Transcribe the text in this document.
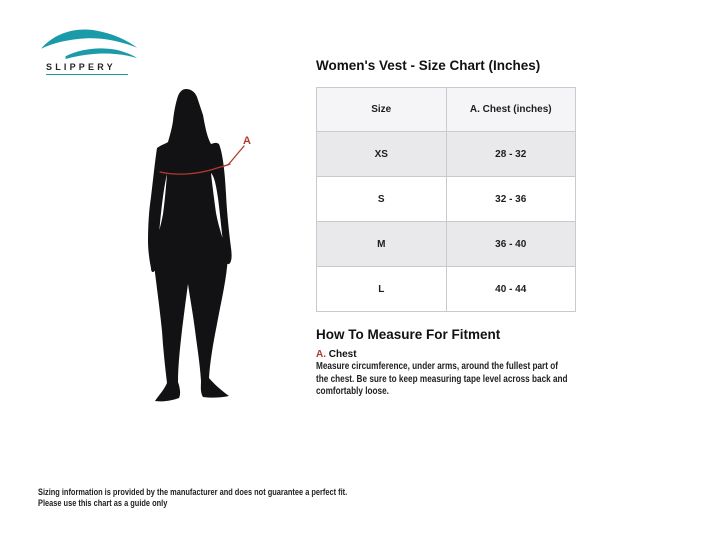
SLIPPERY
A
Women's Vest - Size Chart (Inches)
Size	A. Chest (inches)
XS	28 - 32
S	32 - 36
M	36 - 40
L	40 - 44
How To Measure For Fitment
A. Chest
Measure circumference, under arms, around the fullest part of the chest. Be sure to keep measuring tape level across back and comfortably loose.
Sizing information is provided by the manufacturer and does not guarantee a perfect fit.
Please use this chart as a guide only
